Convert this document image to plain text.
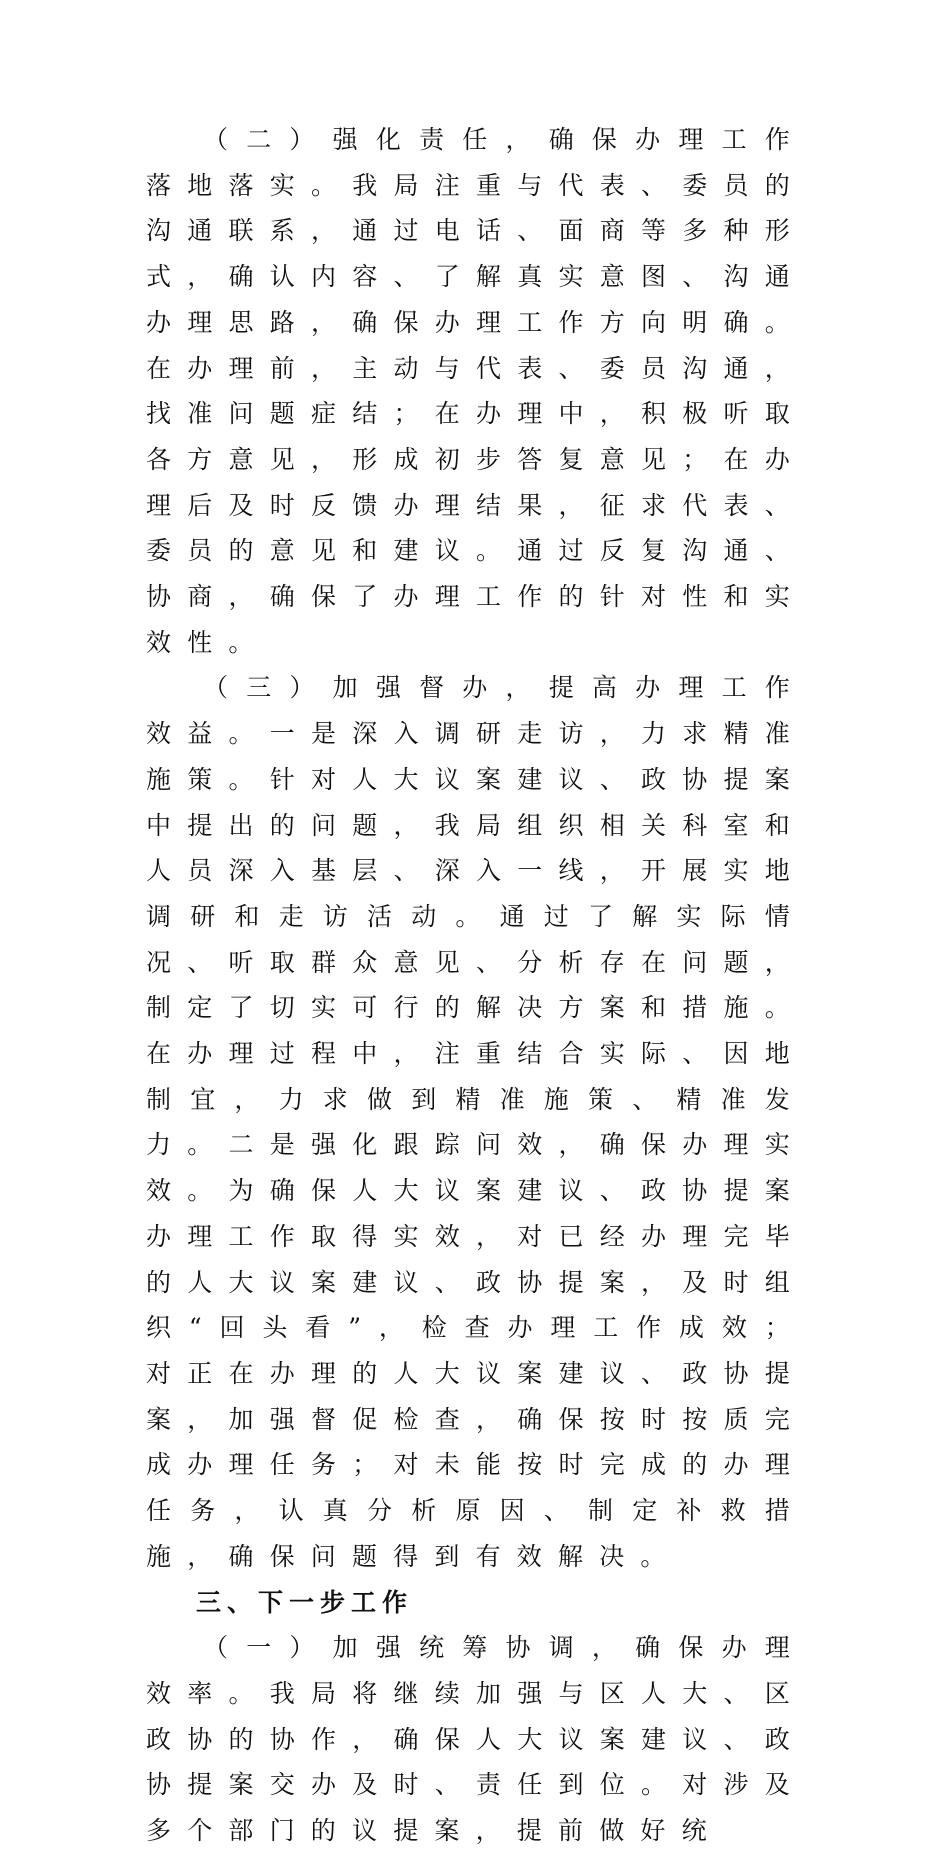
（二）强化责任，确保办理工作落地落实。我局注重与代表、委员的沟通联系，通过电话、面商等多种形式，确认内容、了解真实意图、沟通办理思路，确保办理工作方向明确。在办理前，主动与代表、委员沟通，找准问题症结；在办理中，积极听取各方意见，形成初步答复意见；在办理后及时反馈办理结果，征求代表、委员的意见和建议。通过反复沟通、协商，确保了办理工作的针对性和实效性。

（三）加强督办，提高办理工作效益。一是深入调研走访，力求精准施策。针对人大议案建议、政协提案中提出的问题，我局组织相关科室和人员深入基层、深入一线，开展实地调研和走访活动。通过了解实际情况、听取群众意见、分析存在问题，制定了切实可行的解决方案和措施。在办理过程中，注重结合实际、因地制宜，力求做到精准施策、精准发力。二是强化跟踪问效，确保办理实效。为确保人大议案建议、政协提案办理工作取得实效，对已经办理完毕的人大议案建议、政协提案，及时组织“回头看”，检查办理工作成效；对正在办理的人大议案建议、政协提案，加强督促检查，确保按时按质完成办理任务；对未能按时完成的办理任务，认真分析原因、制定补救措施，确保问题得到有效解决。

三、下一步工作

（一）加强统筹协调，确保办理效率。我局将继续加强与区人大、区政协的协作，确保人大议案建议、政协提案交办及时、责任到位。对涉及多个部门的议提案，提前做好统
